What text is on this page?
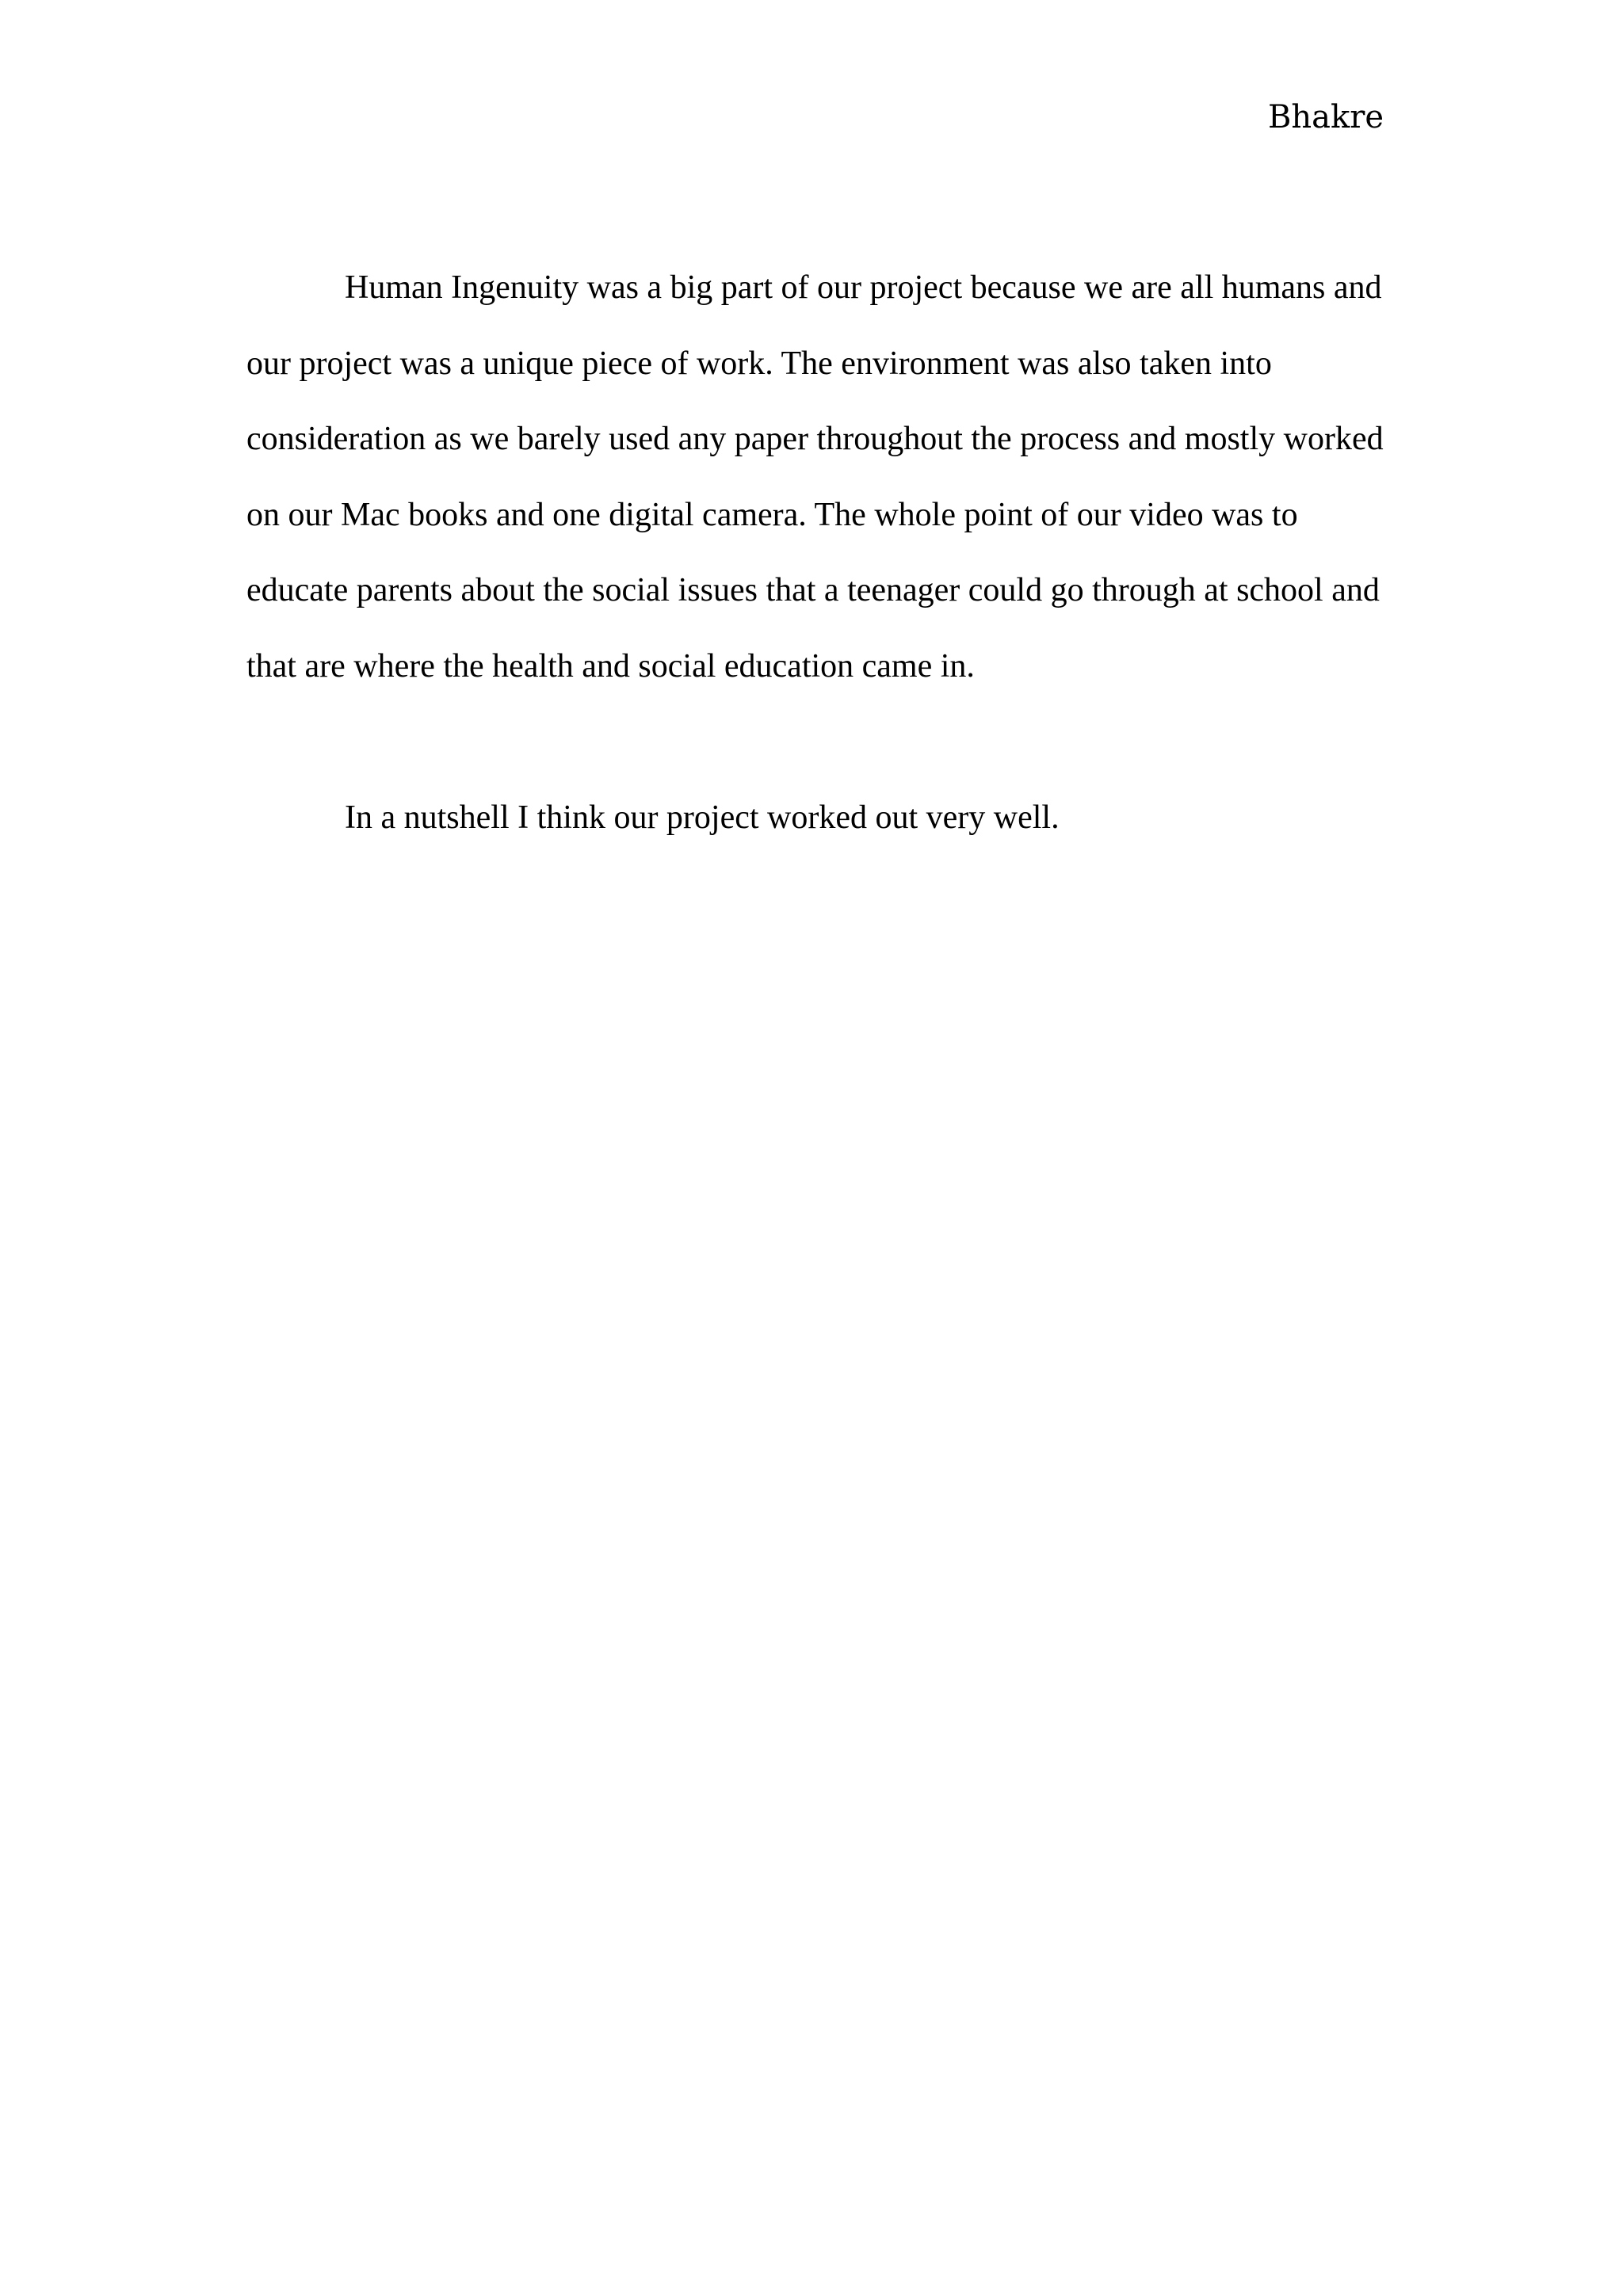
Bhakre

Human Ingenuity was a big part of our project because we are all humans and
our project was a unique piece of work. The environment was also taken into
consideration as we barely used any paper throughout the process and mostly worked
on our Mac books and one digital camera. The whole point of our video was to
educate parents about the social issues that a teenager could go through at school and
that are where the health and social education came in.

In a nutshell I think our project worked out very well.
